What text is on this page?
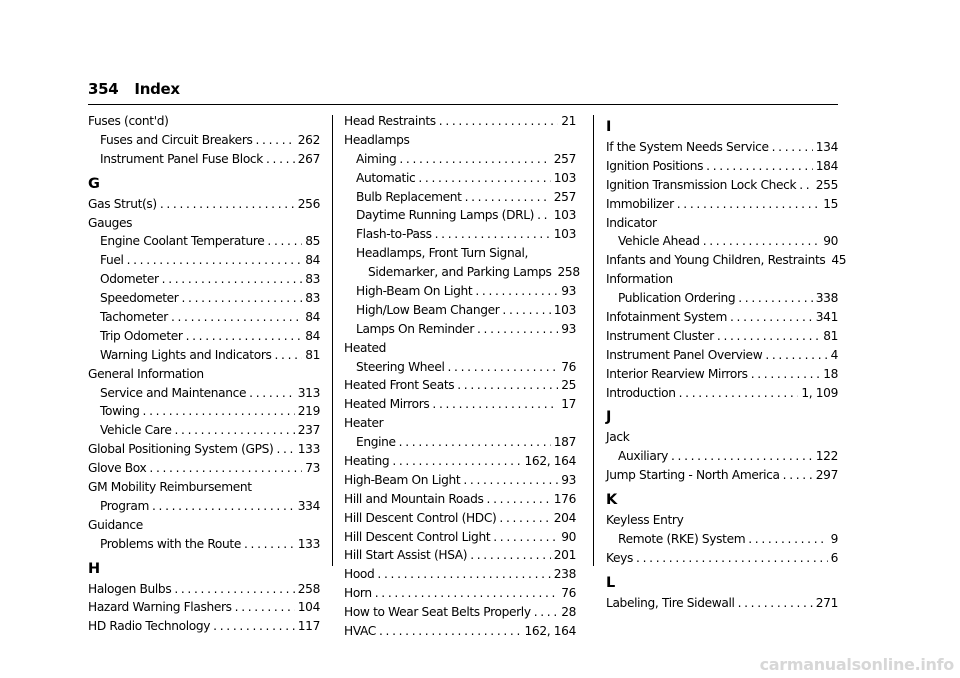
354 Index
Fuses (cont'd)
Fuses and Circuit Breakers . . .	262
Instrument Panel Fuse Block . . .	267
G
Gas Strut(s) . . .	256
Gauges
Engine Coolant Temperature . . .	85
Fuel . . .	84
Odometer . . .	83
Speedometer . . .	83
Tachometer . . .	84
Trip Odometer . . .	84
Warning Lights and Indicators . . .	81
General Information
Service and Maintenance . . .	313
Towing . . .	219
Vehicle Care . . .	237
Global Positioning System (GPS) . . . 133
Glove Box . . .	73
GM Mobility Reimbursement
Program . . .	334
Guidance
Problems with the Route . . .	133
H
Halogen Bulbs . . .	258
Hazard Warning Flashers . . .	104
HD Radio Technology . . .	117
Head Restraints . . .	21
Headlamps
Aiming . . .	257
Automatic . . .	103
Bulb Replacement . . .	257
Daytime Running Lamps (DRL) . . . 103
Flash-to-Pass . . .	103
Headlamps, Front Turn Signal,
Sidemarker, and Parking Lamps 258
High-Beam On Light . . .	93
High/Low Beam Changer . . .	103
Lamps On Reminder . . .	93
Heated
Steering Wheel . . .	76
Heated Front Seats . . .	25
Heated Mirrors . . .	17
Heater
Engine . . .	187
Heating . . .	162, 164
High-Beam On Light . . .	93
Hill and Mountain Roads . . .	176
Hill Descent Control (HDC) . . .	204
Hill Descent Control Light . . .	90
Hill Start Assist (HSA) . . .	201
Hood . . .	238
Horn . . .	76
How to Wear Seat Belts Properly . . . 28
HVAC . . .	162, 164
I
If the System Needs Service . . .	134
Ignition Positions . . .	184
Ignition Transmission Lock Check . . . 255
Immobilizer . . .	15
Indicator
Vehicle Ahead . . .	90
Infants and Young Children, Restraints 45
Information
Publication Ordering . . .	338
Infotainment System . . .	341
Instrument Cluster . . .	81
Instrument Panel Overview . . .	4
Interior Rearview Mirrors . . .	18
Introduction . . .	1, 109
J
Jack
Auxiliary . . .	122
Jump Starting - North America . . .	297
K
Keyless Entry
Remote (RKE) System . . .	9
Keys . . .	6
L
Labeling, Tire Sidewall . . .	271
carmanualsonline.info
